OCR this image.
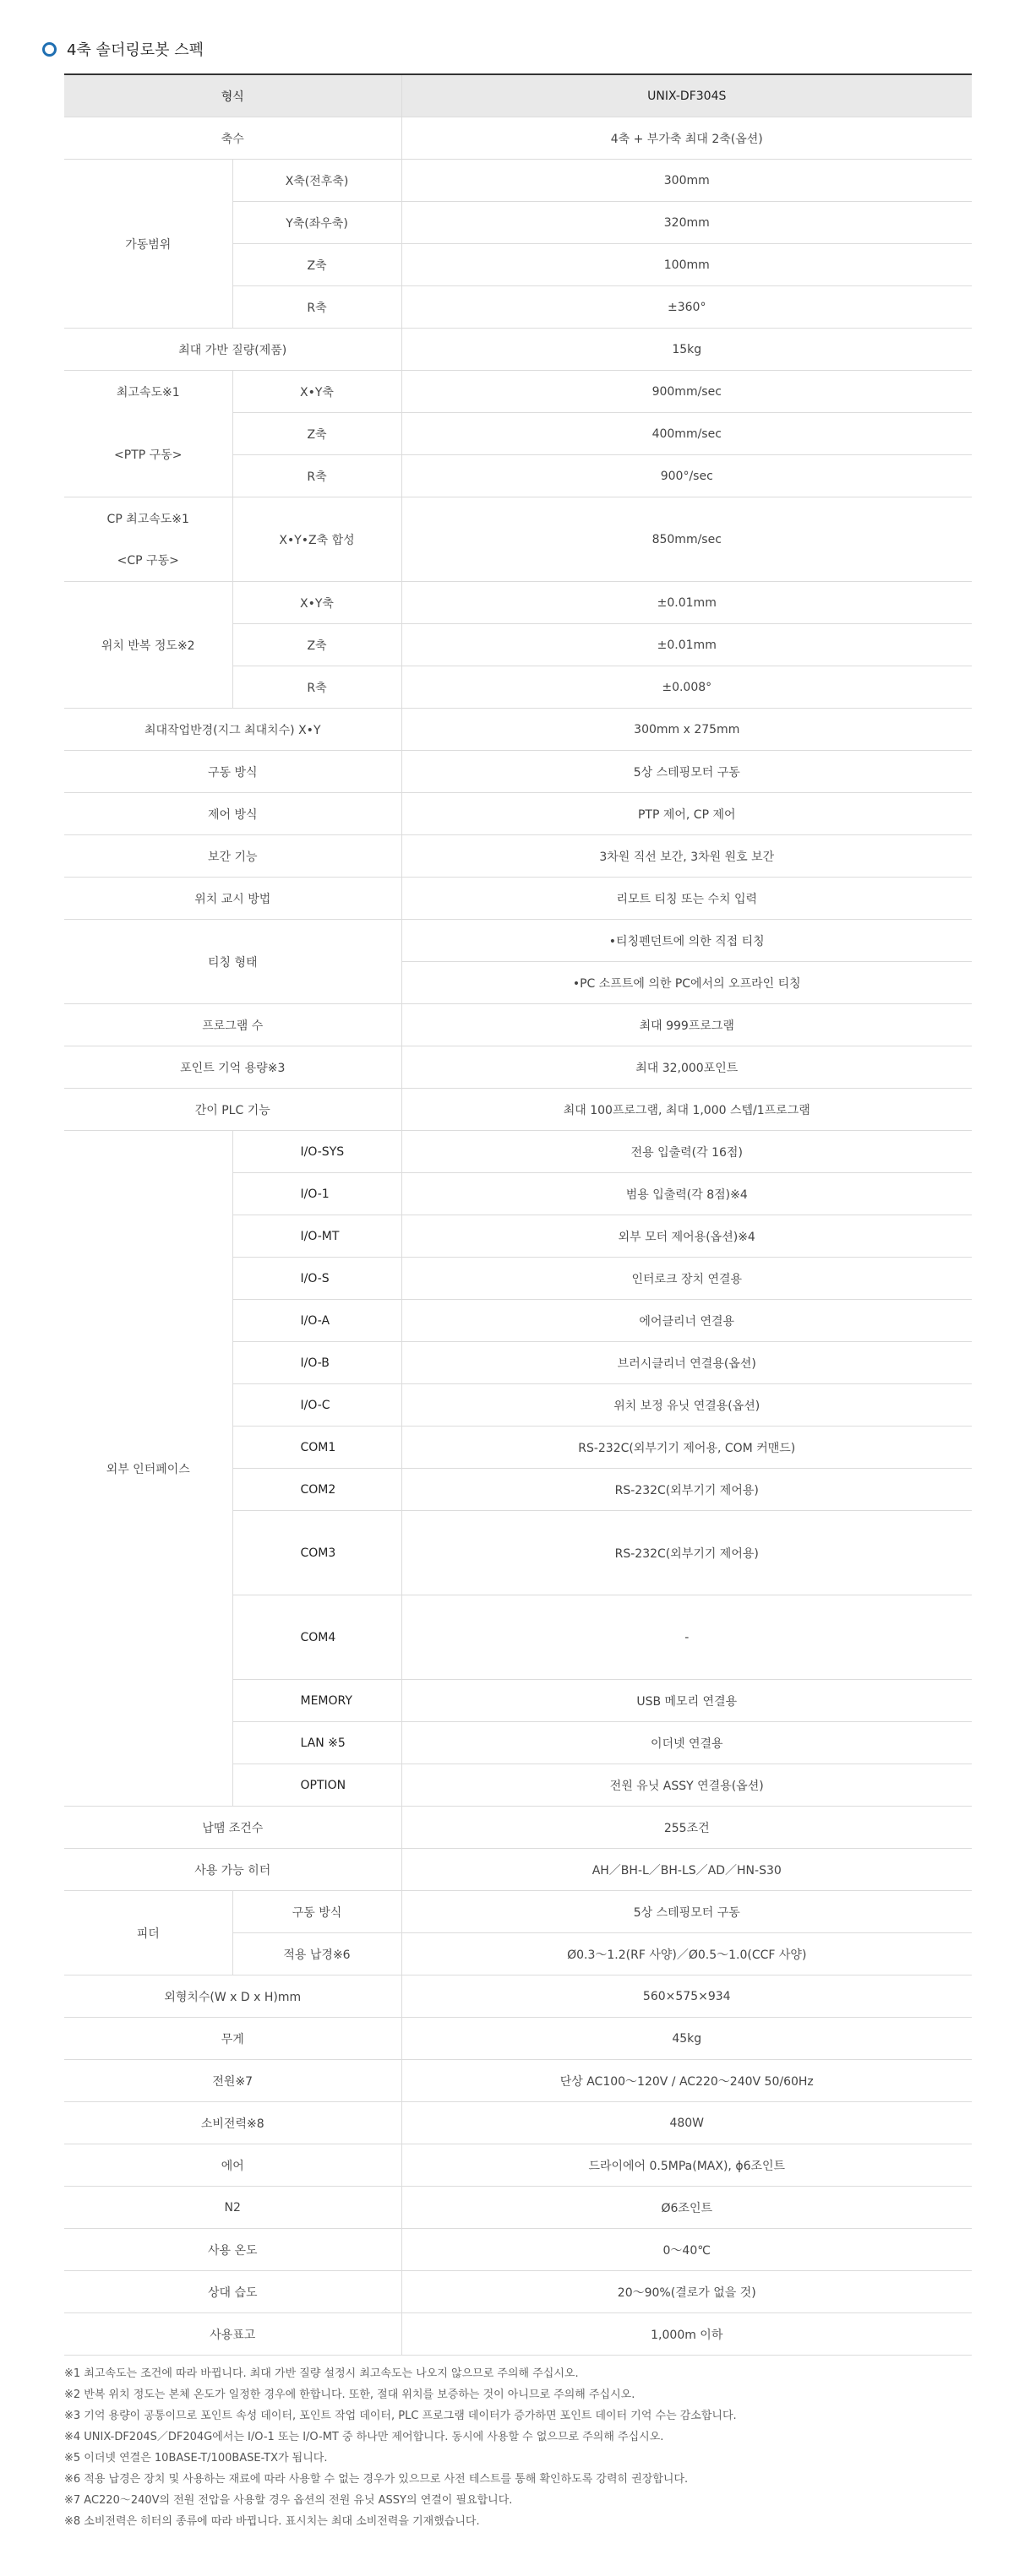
4축 솔더링로봇 스펙
형식		UNIX-DF304S
축수		4축 + 부가축 최대 2축(옵션)
가동범위	X축(전후축)	300mm
	Y축(좌우축)	320mm
	Z축	100mm
	R축	±360°
최대 가반 질량(제품)		15kg
최고속도※1	X•Y축	900mm/sec
<PTP 구동>	Z축	400mm/sec
	R축	900°/sec
CP 최고속도※1	X•Y•Z축 합성	850mm/sec
<CP 구동>		
위치 반복 정도※2	X•Y축	±0.01mm
	Z축	±0.01mm
	R축	±0.008°
최대작업반경(지그 최대치수) X•Y		300mm x 275mm
구동 방식		5상 스테핑모터 구동
제어 방식		PTP 제어, CP 제어
보간 기능		3차원 직선 보간, 3차원 원호 보간
위치 교시 방법		리모트 티칭 또는 수치 입력
티칭 형태		•티칭펜던트에 의한 직접 티칭
		•PC 소프트에 의한 PC에서의 오프라인 티칭
프로그램 수		최대 999프로그램
포인트 기억 용량※3		최대 32,000포인트
간이 PLC 기능		최대 100프로그램, 최대 1,000 스텝/1프로그램
외부 인터페이스	I/O-SYS	전용 입출력(각 16점)
	I/O-1	범용 입출력(각 8점)※4
	I/O-MT	외부 모터 제어용(옵션)※4
	I/O-S	인터로크 장치 연결용
	I/O-A	에어클리너 연결용
	I/O-B	브러시클리너 연결용(옵션)
	I/O-C	위치 보정 유닛 연결용(옵션)
	COM1	RS-232C(외부기기 제어용, COM 커맨드)
	COM2	RS-232C(외부기기 제어용)
	COM3	RS-232C(외부기기 제어용)
	COM4	-
	MEMORY	USB 메모리 연결용
	LAN ※5	이더넷 연결용
	OPTION	전원 유닛 ASSY 연결용(옵션)
납땜 조건수		255조건
사용 가능 히터		AH／BH-L／BH-LS／AD／HN-S30
피더	구동 방식	5상 스테핑모터 구동
	적용 납경※6	Ø0.3～1.2(RF 사양)／Ø0.5～1.0(CCF 사양)
외형치수(W x D x H)mm		560×575×934
무게		45kg
전원※7		단상 AC100～120V / AC220～240V 50/60Hz
소비전력※8		480W
에어		드라이에어 0.5MPa(MAX), ɸ6조인트
N2		Ø6조인트
사용 온도		0～40℃
상대 습도		20～90%(결로가 없을 것)
사용표고		1,000m 이하
※1 최고속도는 조건에 따라 바뀝니다. 최대 가반 질량 설정시 최고속도는 나오지 않으므로 주의해 주십시오.
※2 반복 위치 정도는 본체 온도가 일정한 경우에 한합니다. 또한, 절대 위치를 보증하는 것이 아니므로 주의해 주십시오.
※3 기억 용량이 공통이므로 포인트 속성 데이터, 포인트 작업 데이터, PLC 프로그램 데이터가 증가하면 포인트 데이터 기억 수는 감소합니다.
※4 UNIX-DF204S／DF204G에서는 I/O-1 또는 I/O-MT 중 하나만 제어합니다. 동시에 사용할 수 없으므로 주의해 주십시오.
※5 이더넷 연결은 10BASE-T/100BASE-TX가 됩니다.
※6 적용 납경은 장치 및 사용하는 재료에 따라 사용할 수 없는 경우가 있으므로 사전 테스트를 통해 확인하도록 강력히 권장합니다.
※7 AC220～240V의 전원 전압을 사용할 경우 옵션의 전원 유닛 ASSY의 연결이 필요합니다.
※8 소비전력은 히터의 종류에 따라 바뀝니다. 표시치는 최대 소비전력을 기재했습니다.
